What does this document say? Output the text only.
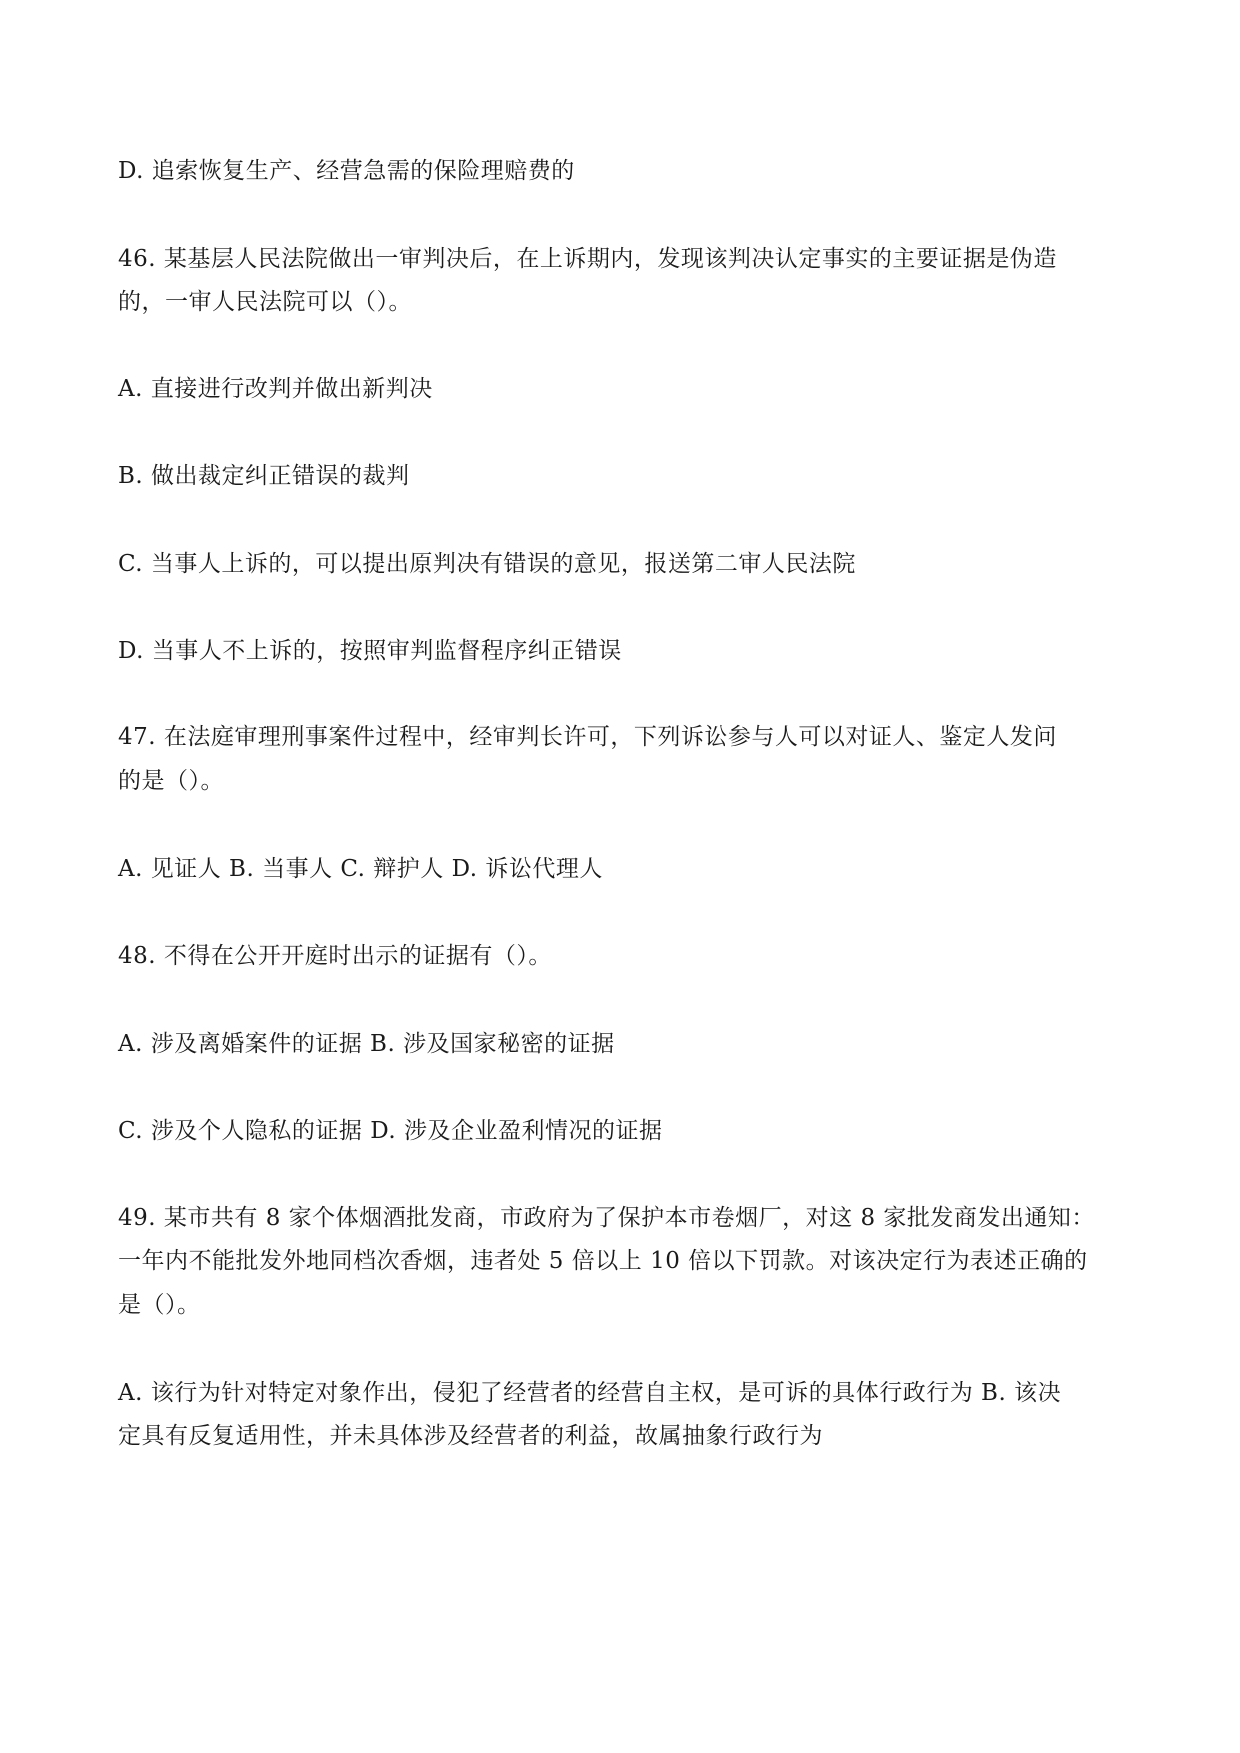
D. 追索恢复生产、经营急需的保险理赔费的
46. 某基层人民法院做出一审判决后，在上诉期内，发现该判决认定事实的主要证据是伪造
的，一审人民法院可以（）。
A. 直接进行改判并做出新判决
B. 做出裁定纠正错误的裁判
C. 当事人上诉的，可以提出原判决有错误的意见，报送第二审人民法院
D. 当事人不上诉的，按照审判监督程序纠正错误
47. 在法庭审理刑事案件过程中，经审判长许可，下列诉讼参与人可以对证人、鉴定人发问
的是（）。
A. 见证人 B. 当事人 C. 辩护人 D. 诉讼代理人
48. 不得在公开开庭时出示的证据有（）。
A. 涉及离婚案件的证据 B. 涉及国家秘密的证据
C. 涉及个人隐私的证据 D. 涉及企业盈利情况的证据
49. 某市共有 8 家个体烟酒批发商，市政府为了保护本市卷烟厂，对这 8 家批发商发出通知：
一年内不能批发外地同档次香烟，违者处 5 倍以上 10 倍以下罚款。对该决定行为表述正确的
是（）。
A. 该行为针对特定对象作出，侵犯了经营者的经营自主权，是可诉的具体行政行为 B. 该决
定具有反复适用性，并未具体涉及经营者的利益，故属抽象行政行为
